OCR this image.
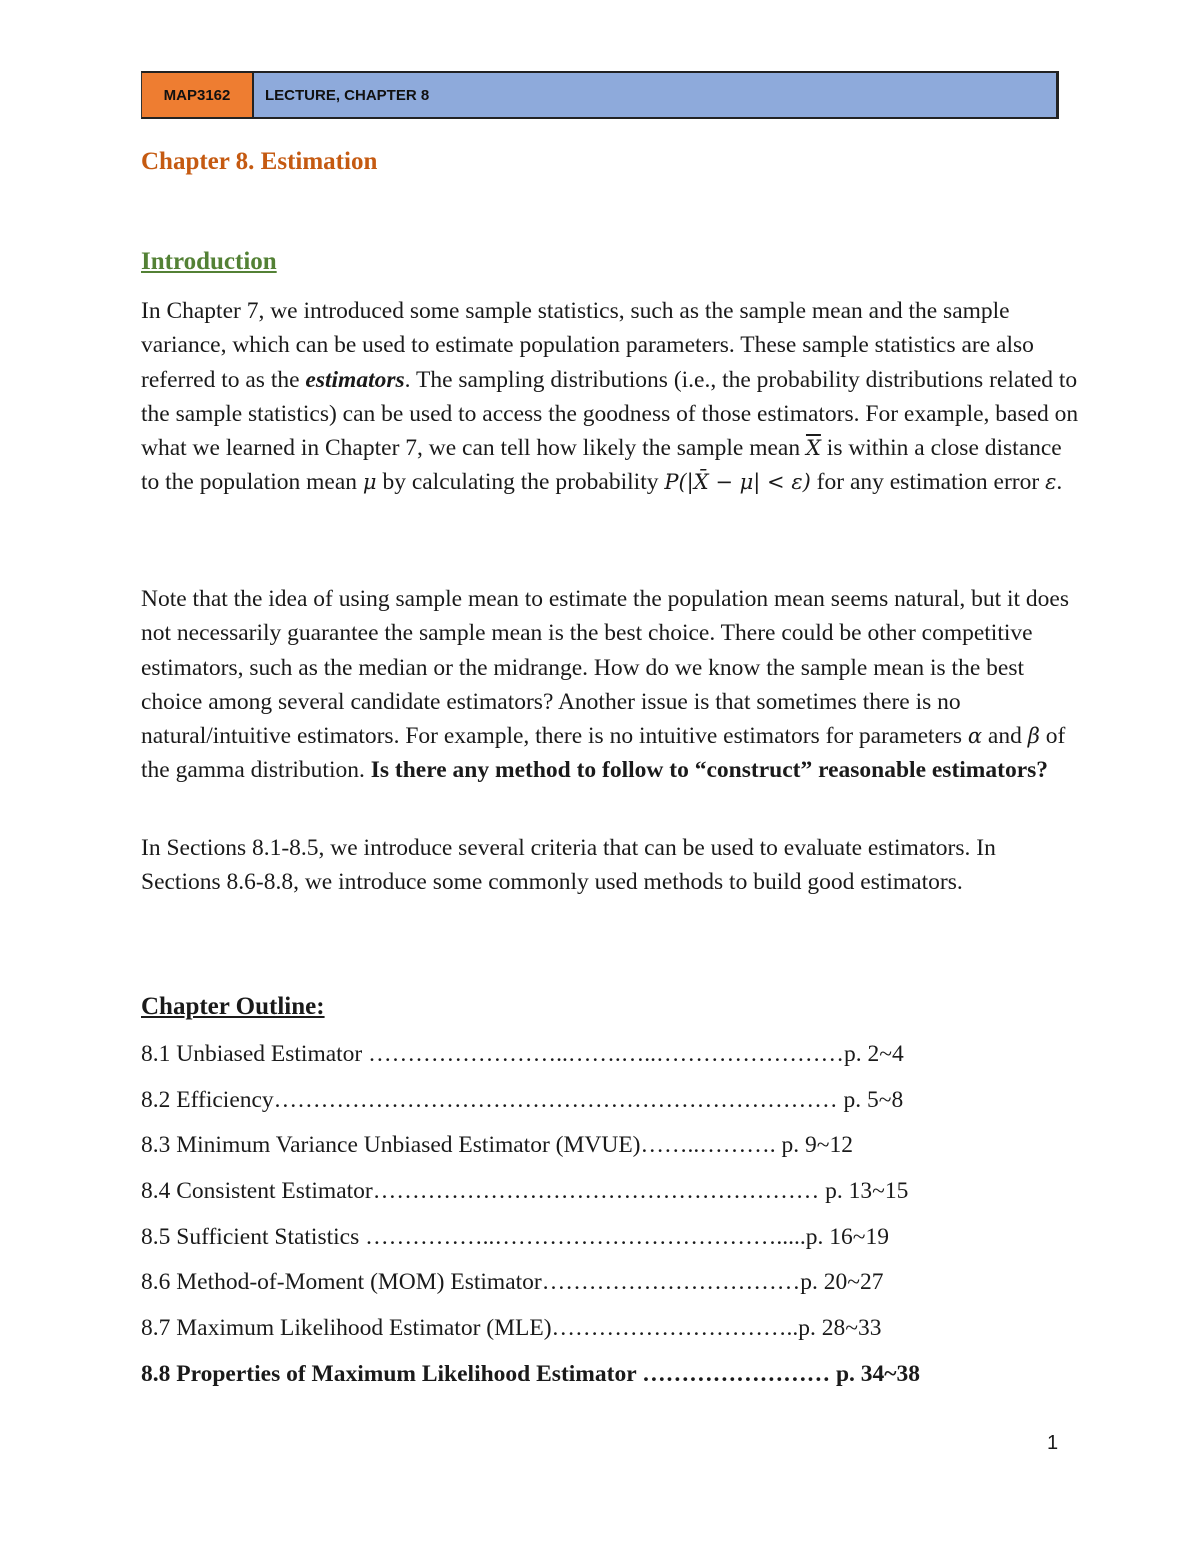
MAP3162	LECTURE, CHAPTER 8
Chapter 8. Estimation
Introduction

In Chapter 7, we introduced some sample statistics, such as the sample mean and the sample variance, which can be used to estimate population parameters. These sample statistics are also referred to as the estimators. The sampling distributions (i.e., the probability distributions related to the sample statistics) can be used to access the goodness of those estimators. For example, based on what we learned in Chapter 7, we can tell how likely the sample mean $\overline{X}$ is within a close distance to the population mean μ by calculating the probability P(|X̄ − μ| < ε) for any estimation error ε.

Note that the idea of using sample mean to estimate the population mean seems natural, but it does not necessarily guarantee the sample mean is the best choice. There could be other competitive estimators, such as the median or the midrange. How do we know the sample mean is the best choice among several candidate estimators? Another issue is that sometimes there is no natural/intuitive estimators. For example, there is no intuitive estimators for parameters α and β of the gamma distribution. Is there any method to follow to “construct” reasonable estimators?

In Sections 8.1-8.5, we introduce several criteria that can be used to evaluate estimators. In Sections 8.6-8.8, we introduce some commonly used methods to build good estimators.

Chapter Outline:
8.1 Unbiased Estimator ……………………..…….…..……………………p. 2~4
8.2 Efficiency……………………………………………………………… p. 5~8
8.3 Minimum Variance Unbiased Estimator (MVUE)……..………. p. 9~12
8.4 Consistent Estimator………………………………………………… p. 13~15
8.5 Sufficient Statistics ……………..……………………………….....p. 16~19
8.6 Method-of-Moment (MOM) Estimator……………………………p. 20~27
8.7 Maximum Likelihood Estimator (MLE)…………………………..p. 28~33
8.8 Properties of Maximum Likelihood Estimator …………………… p. 34~38
1
